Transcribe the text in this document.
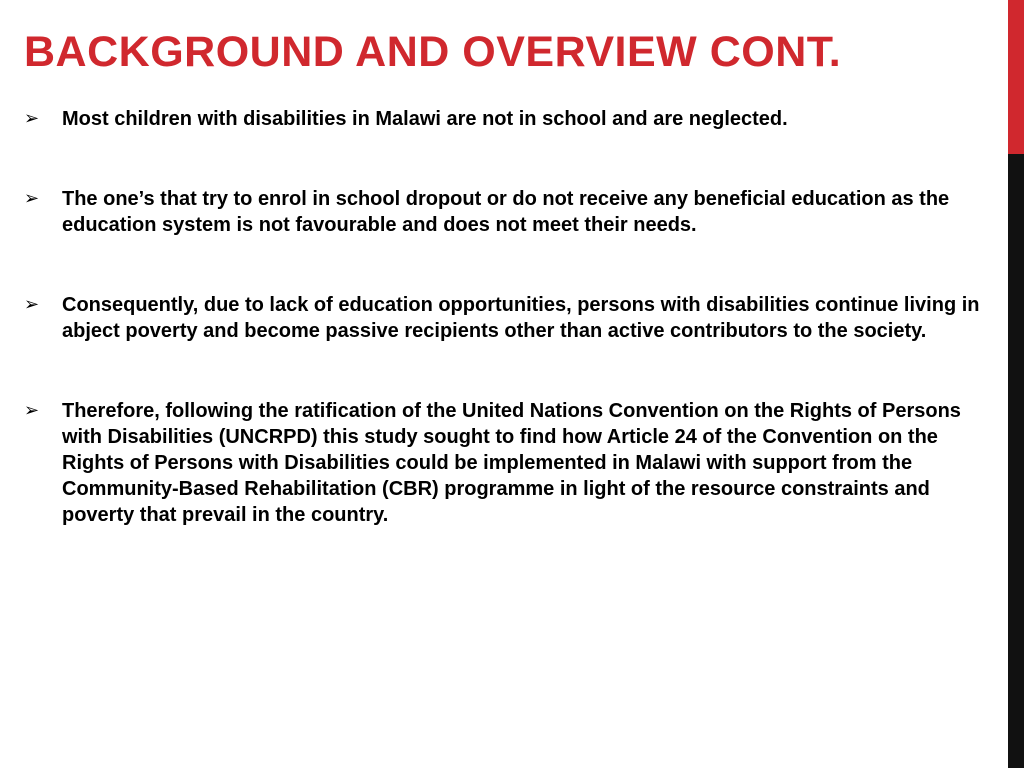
BACKGROUND AND OVERVIEW CONT.
➢ Most children with disabilities in Malawi are not in school and are neglected.
➢ The one’s that try to enrol in school dropout or do not receive any beneficial education as the education system is not favourable and does not meet their needs.
➢ Consequently, due to lack of education opportunities, persons with disabilities continue living in abject poverty and become passive recipients other than active contributors to the society.
➢ Therefore, following the ratification of the United Nations Convention on the Rights of Persons with Disabilities (UNCRPD) this study sought to find how Article 24 of the Convention on the Rights of Persons with Disabilities could be implemented in Malawi with support from the Community-Based Rehabilitation (CBR) programme in light of the resource constraints and poverty that prevail in the country.
